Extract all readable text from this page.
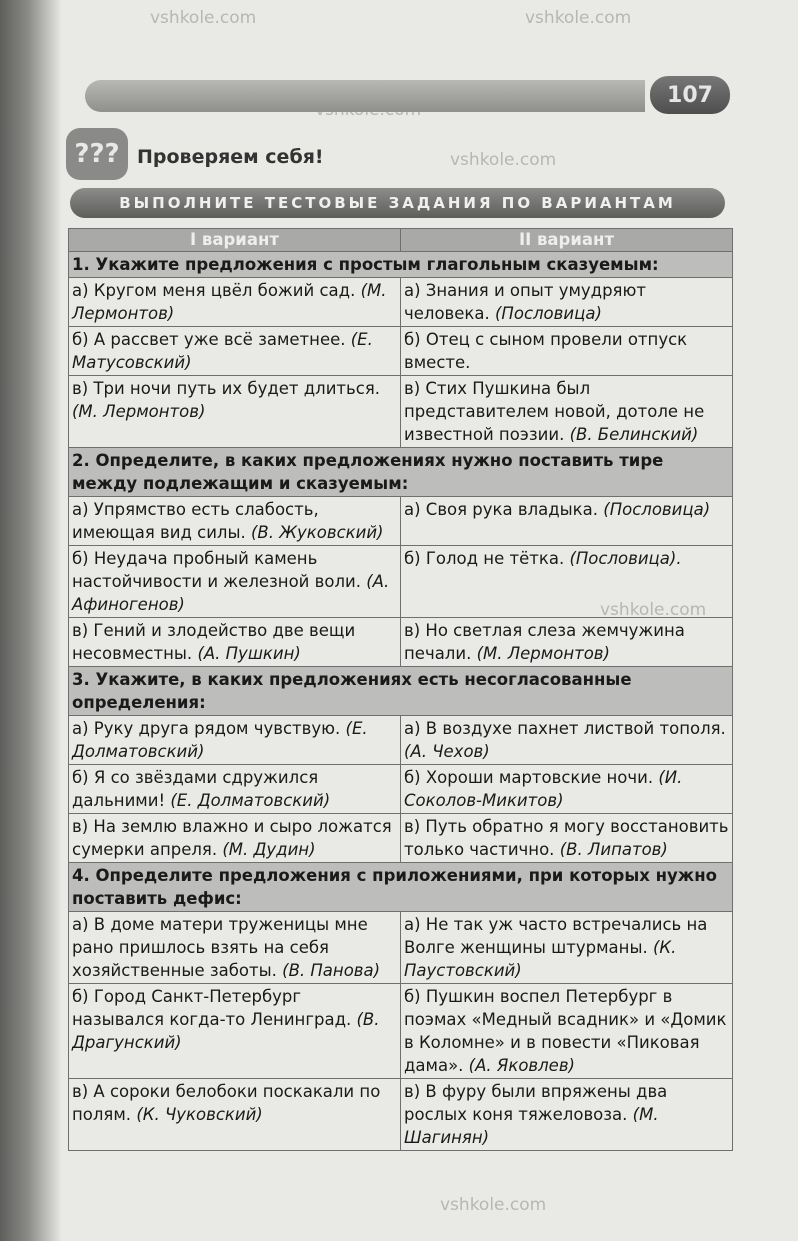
vshkole.com	vshkole.com
vshkole.com
vshkole.com
vshkole.com
107
??? Проверяем себя!
ВЫПОЛНИТЕ ТЕСТОВЫЕ ЗАДАНИЯ ПО ВАРИАНТАМ
I вариант	II вариант
1. Укажите предложения с простым глагольным сказуемым:	
а) Кругом меня цвёл божий сад. (М. Лермонтов)	а) Знания и опыт умудряют человека. (Пословица)
б) А рассвет уже всё заметнее. (Е. Матусовский)	б) Отец с сыном провели отпуск вместе.
в) Три ночи путь их будет длиться. (М. Лермонтов)	в) Стих Пушкина был представителем новой, дотоле не известной поэзии. (В. Белинский)
2. Определите, в каких предложениях нужно поставить тире между подлежащим и сказуемым:	
а) Упрямство есть слабость, имеющая вид силы. (В. Жуковский)	а) Своя рука владыка. (Пословица)
б) Неудача пробный камень настойчивости и железной воли. (А. Афиногенов)	б) Голод не тётка. (Пословица).
в) Гений и злодейство две вещи несовместны. (А. Пушкин)	в) Но светлая слеза жемчужина печали. (М. Лермонтов)
3. Укажите, в каких предложениях есть несогласованные определения:	
а) Руку друга рядом чувствую. (Е. Долматовский)	а) В воздухе пахнет листвой тополя. (А. Чехов)
б) Я со звёздами сдружился дальними! (Е. Долматовский)	б) Хороши мартовские ночи. (И. Соколов-Микитов)
в) На землю влажно и сыро ложатся сумерки апреля. (М. Дудин)	в) Путь обратно я могу восстановить только частично. (В. Липатов)
4. Определите предложения с приложениями, при которых нужно поставить дефис:	
а) В доме матери труженицы мне рано пришлось взять на себя хозяйственные заботы. (В. Панова)	а) Не так уж часто встречались на Волге женщины штурманы. (К. Паустовский)
б) Город Санкт-Петербург назывался когда-то Ленинград. (В. Драгунский)	б) Пушкин воспел Петербург в поэмах «Медный всадник» и «Домик в Коломне» и в повести «Пиковая дама». (А. Яковлев)
в) А сороки белобоки поскакали по полям. (К. Чуковский)	в) В фуру были впряжены два рослых коня тяжеловоза. (М. Шагинян)
